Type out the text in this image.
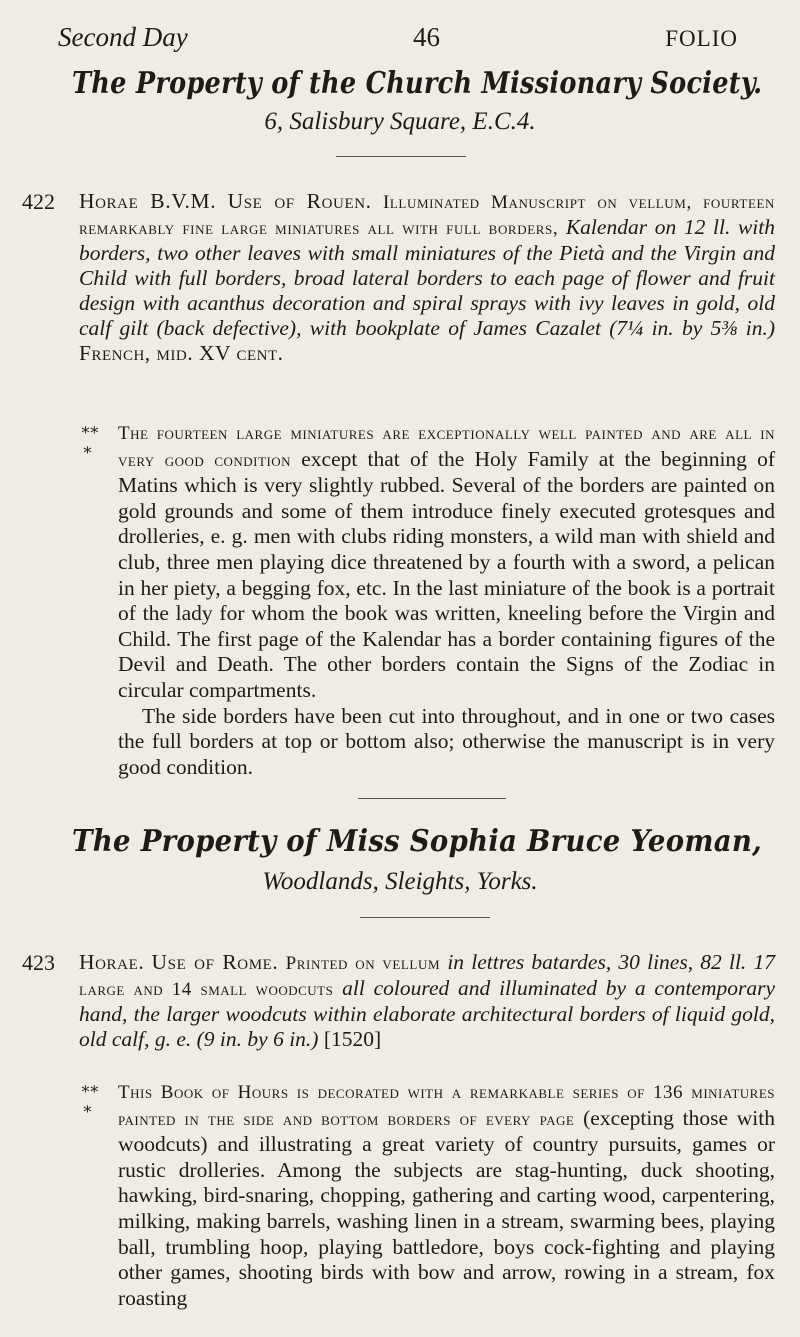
Second Day	46	FOLIO
The Property of the Church Missionary Society.
6, Salisbury Square, E.C.4.
422 Horae B.V.M. Use of Rouen. Illuminated Manuscript on vellum, fourteen remarkably fine large miniatures all with full borders, Kalendar on 12 ll. with borders, two other leaves with small miniatures of the Pietà and the Virgin and Child with full borders, broad lateral borders to each page of flower and fruit design with acanthus decoration and spiral sprays with ivy leaves in gold, old calf gilt (back defective), with bookplate of James Cazalet (7¼ in. by 5⅜ in.) French, mid. XV cent.
∗∗
∗

The fourteen large miniatures are exceptionally well painted and are all in very good condition except that of the Holy Family at the beginning of Matins which is very slightly rubbed. Several of the borders are painted on gold grounds and some of them introduce finely executed grotesques and drolleries, e. g. men with clubs riding monsters, a wild man with shield and club, three men playing dice threatened by a fourth with a sword, a pelican in her piety, a begging fox, etc. In the last miniature of the book is a portrait of the lady for whom the book was written, kneeling before the Virgin and Child. The first page of the Kalendar has a border containing figures of the Devil and Death. The other borders contain the Signs of the Zodiac in circular compartments.

The side borders have been cut into throughout, and in one or two cases the full borders at top or bottom also; otherwise the manuscript is in very good condition.

The Property of Miss Sophia Bruce Yeoman,
Woodlands, Sleights, Yorks.
423 Horae. Use of Rome. Printed on vellum in lettres batardes, 30 lines, 82 ll. 17 large and 14 small woodcuts all coloured and illuminated by a contemporary hand, the larger woodcuts within elaborate architectural borders of liquid gold, old calf, g. e. (9 in. by 6 in.) [1520]
∗∗
∗

This Book of Hours is decorated with a remarkable series of 136 miniatures painted in the side and bottom borders of every page (excepting those with woodcuts) and illustrating a great variety of country pursuits, games or rustic drolleries. Among the subjects are stag-hunting, duck shooting, hawking, bird-snaring, chopping, gathering and carting wood, carpentering, milking, making barrels, washing linen in a stream, swarming bees, playing ball, trumbling hoop, playing battledore, boys cock-fighting and playing other games, shooting birds with bow and arrow, rowing in a stream, fox roasting
